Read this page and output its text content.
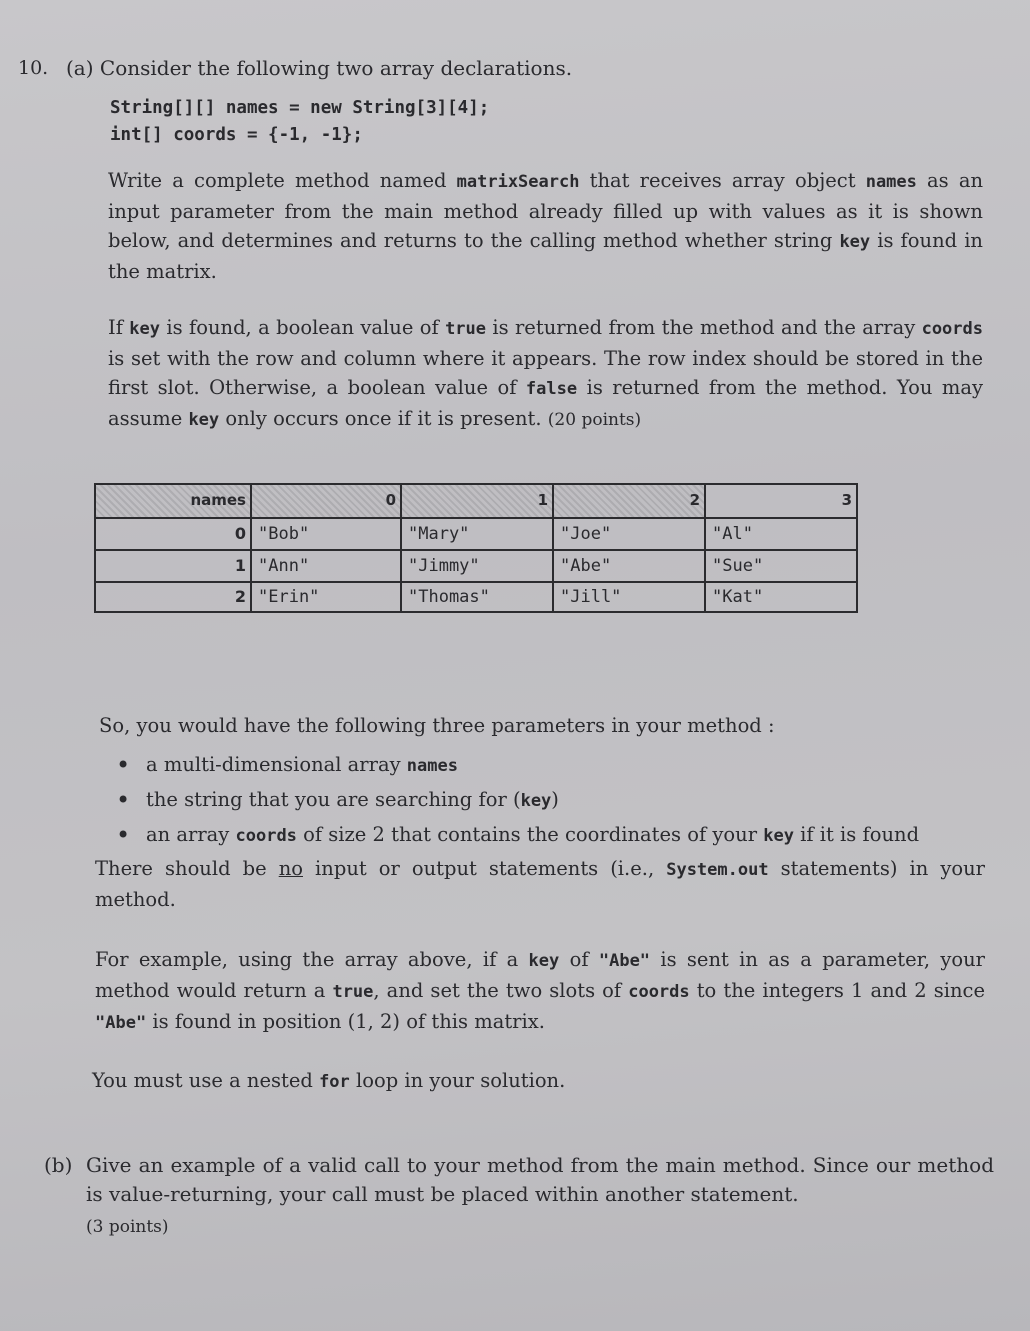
10. (a) Consider the following two array declarations.
String[][] names = new String[3][4];
int[] coords = {-1, -1};
Write a complete method named matrixSearch that receives array object names as an input parameter from the main method already filled up with values as it is shown below, and determines and returns to the calling method whether string key is found in the matrix.
If key is found, a boolean value of true is returned from the method and the array coords is set with the row and column where it appears. The row index should be stored in the first slot. Otherwise, a boolean value of false is returned from the method. You may assume key only occurs once if it is present. (20 points)
names	0	1	2	3
0 "Bob"	"Mary"	"Joe"	"Al"
1 "Ann"	"Jimmy"	"Abe"	"Sue"
2 "Erin"	"Thomas"	"Jill"	"Kat"
So, you would have the following three parameters in your method :
• a multi-dimensional array names
• the string that you are searching for (key)
• an array coords of size 2 that contains the coordinates of your key if it is found
There should be no input or output statements (i.e., System.out statements) in your method.
For example, using the array above, if a key of "Abe" is sent in as a parameter, your method would return a true, and set the two slots of coords to the integers 1 and 2 since "Abe" is found in position (1, 2) of this matrix.
You must use a nested for loop in your solution.
(b) Give an example of a valid call to your method from the main method. Since our method is value-returning, your call must be placed within another statement.
(3 points)
